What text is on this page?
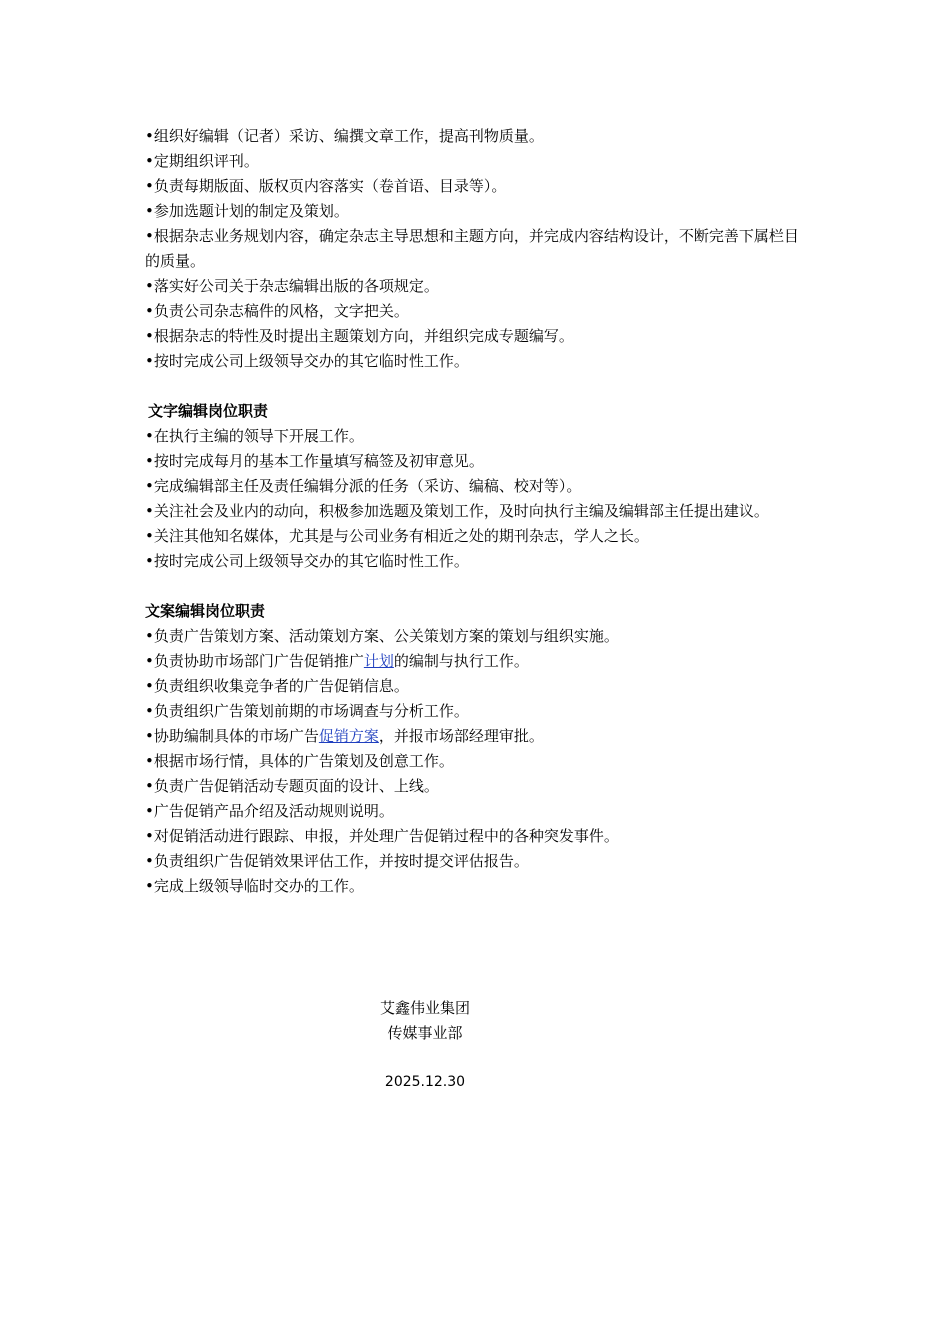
•组织好编辑（记者）采访、编撰文章工作，提高刊物质量。

•定期组织评刊。

•负责每期版面、版权页内容落实（卷首语、目录等）。

•参加选题计划的制定及策划。

•根据杂志业务规划内容，确定杂志主导思想和主题方向，并完成内容结构设计，不断完善下属栏目的质量。

•落实好公司关于杂志编辑出版的各项规定。

•负责公司杂志稿件的风格，文字把关。

•根据杂志的特性及时提出主题策划方向，并组织完成专题编写。

•按时完成公司上级领导交办的其它临时性工作。

文字编辑岗位职责

•在执行主编的领导下开展工作。

•按时完成每月的基本工作量填写稿签及初审意见。

•完成编辑部主任及责任编辑分派的任务（采访、编稿、校对等）。

•关注社会及业内的动向，积极参加选题及策划工作，及时向执行主编及编辑部主任提出建议。

•关注其他知名媒体，尤其是与公司业务有相近之处的期刊杂志，学人之长。

•按时完成公司上级领导交办的其它临时性工作。

文案编辑岗位职责

•负责广告策划方案、活动策划方案、公关策划方案的策划与组织实施。

•负责协助市场部门广告促销推广计划的编制与执行工作。

•负责组织收集竞争者的广告促销信息。

•负责组织广告策划前期的市场调查与分析工作。

•协助编制具体的市场广告促销方案，并报市场部经理审批。

•根据市场行情，具体的广告策划及创意工作。

•负责广告促销活动专题页面的设计、上线。

•广告促销产品介绍及活动规则说明。

•对促销活动进行跟踪、申报，并处理广告促销过程中的各种突发事件。

•负责组织广告促销效果评估工作，并按时提交评估报告。

•完成上级领导临时交办的工作。

艾鑫伟业集团
传媒事业部
2025.12.30
